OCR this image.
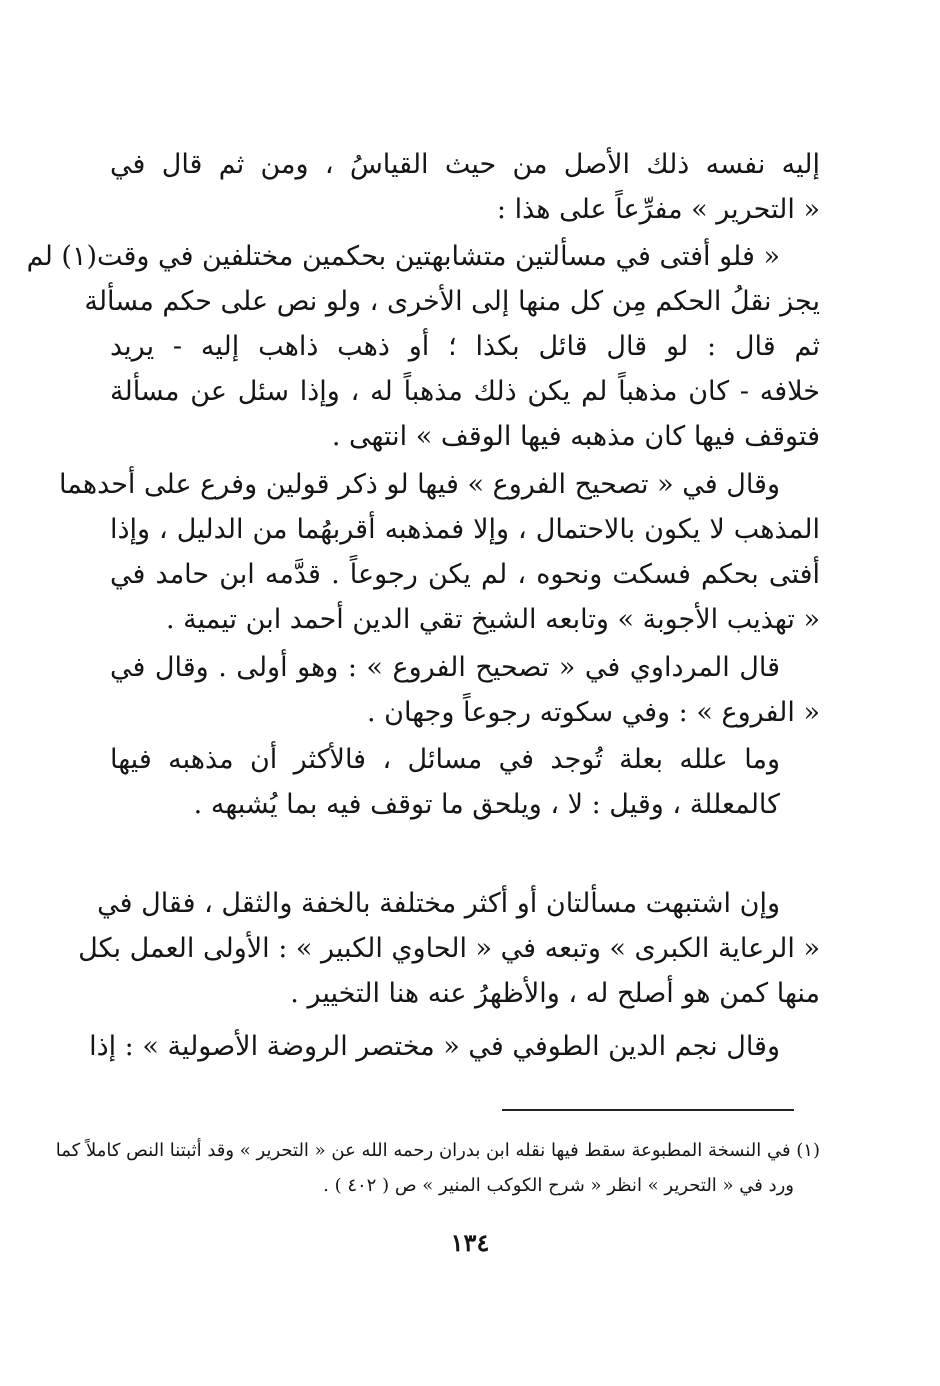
إليه نفسه ذلك الأصل من حيث القياسُ ، ومن ثم قال في
« التحرير » مفرِّعاً على هذا :
« فلو أفتى في مسألتين متشابهتين بحكمين مختلفين في وقت(١) لم
يجز نقلُ الحكم مِن كل منها إلى الأخرى ، ولو نص على حكم مسألة
ثم قال : لو قال قائل بكذا ؛ أو ذهب ذاهب إليه - يريد
خلافه - كان مذهباً لم يكن ذلك مذهباً له ، وإذا سئل عن مسألة
فتوقف فيها كان مذهبه فيها الوقف » انتهى .
وقال في « تصحيح الفروع » فيها لو ذكر قولين وفرع على أحدهما
المذهب لا يكون بالاحتمال ، وإلا فمذهبه أقربهُما من الدليل ، وإذا
أفتى بحكم فسكت ونحوه ، لم يكن رجوعاً . قدَّمه ابن حامد في
« تهذيب الأجوبة » وتابعه الشيخ تقي الدين أحمد ابن تيمية .
قال المرداوي في « تصحيح الفروع » : وهو أولى . وقال في
« الفروع » : وفي سكوته رجوعاً وجهان .
وما علله بعلة تُوجد في مسائل ، فالأكثر أن مذهبه فيها
كالمعللة ، وقيل : لا ، ويلحق ما توقف فيه بما يُشبهه .
وإن اشتبهت مسألتان أو أكثر مختلفة بالخفة والثقل ، فقال في
« الرعاية الكبرى » وتبعه في « الحاوي الكبير » : الأولى العمل بكل
منها كمن هو أصلح له ، والأظهرُ عنه هنا التخيير .
وقال نجم الدين الطوفي في « مختصر الروضة الأصولية » : إذا
(١) في النسخة المطبوعة سقط فيها نقله ابن بدران رحمه الله عن « التحرير » وقد أثبتنا النص كاملاً كما
ورد في « التحرير » انظر « شرح الكوكب المنير » ص ( ٤٠٢ ) .
١٣٤
